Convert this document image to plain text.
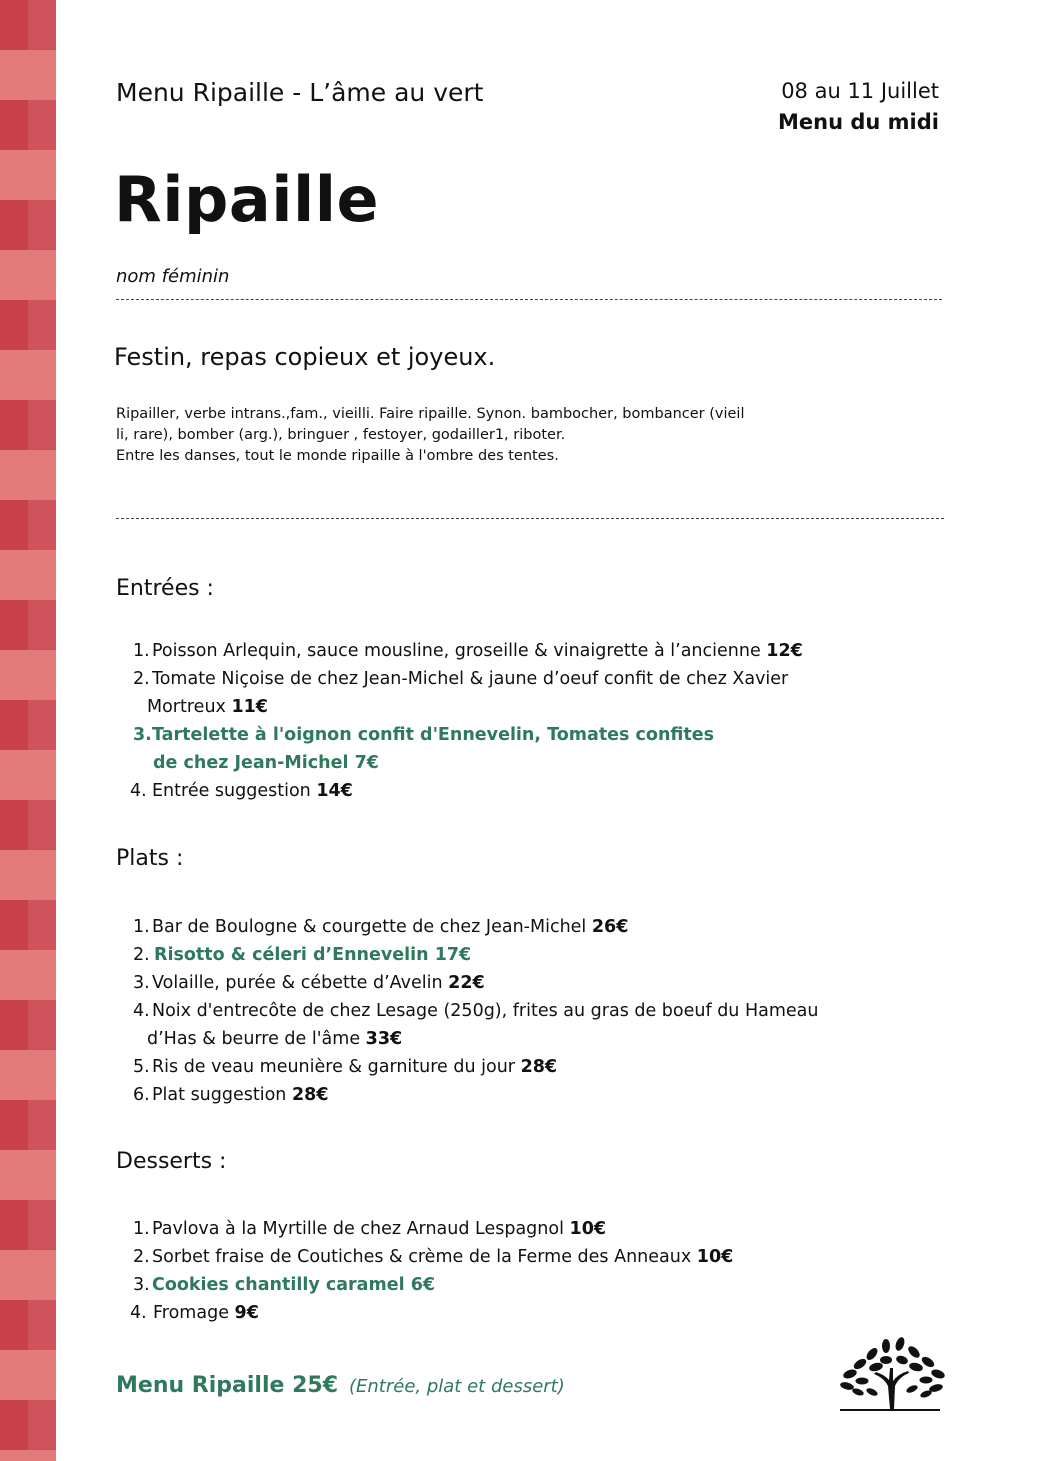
Menu Ripaille - L’âme au vert	08 au 11 Juillet
Menu du midi
Ripaille
nom féminin
Festin, repas copieux et joyeux.
Ripailler, verbe intrans.,fam., vieilli. Faire ripaille. Synon. bambocher, bombancer (vieil
li, rare), bomber (arg.), bringuer , festoyer, godailler1, riboter.
Entre les danses, tout le monde ripaille à l'ombre des tentes.
Entrées :
1. Poisson Arlequin, sauce mousline, groseille & vinaigrette à l’ancienne 12€
2. Tomate Niçoise de chez Jean-Michel & jaune d’oeuf confit de chez Xavier
Mortreux 11€
3. Tartelette à l'oignon confit d'Ennevelin, Tomates confites
de chez Jean-Michel 7€
4. Entrée suggestion 14€
Plats :
1. Bar de Boulogne & courgette de chez Jean-Michel 26€
2. Risotto & céleri d’Ennevelin 17€
3. Volaille, purée & cébette d’Avelin 22€
4. Noix d'entrecôte de chez Lesage (250g), frites au gras de boeuf du Hameau
d’Has & beurre de l'âme 33€
5. Ris de veau meunière & garniture du jour 28€
6. Plat suggestion 28€
Desserts :
1. Pavlova à la Myrtille de chez Arnaud Lespagnol 10€
2. Sorbet fraise de Coutiches & crème de la Ferme des Anneaux 10€
3. Cookies chantilly caramel 6€
4. Fromage 9€
Menu Ripaille 25€ (Entrée, plat et dessert)
